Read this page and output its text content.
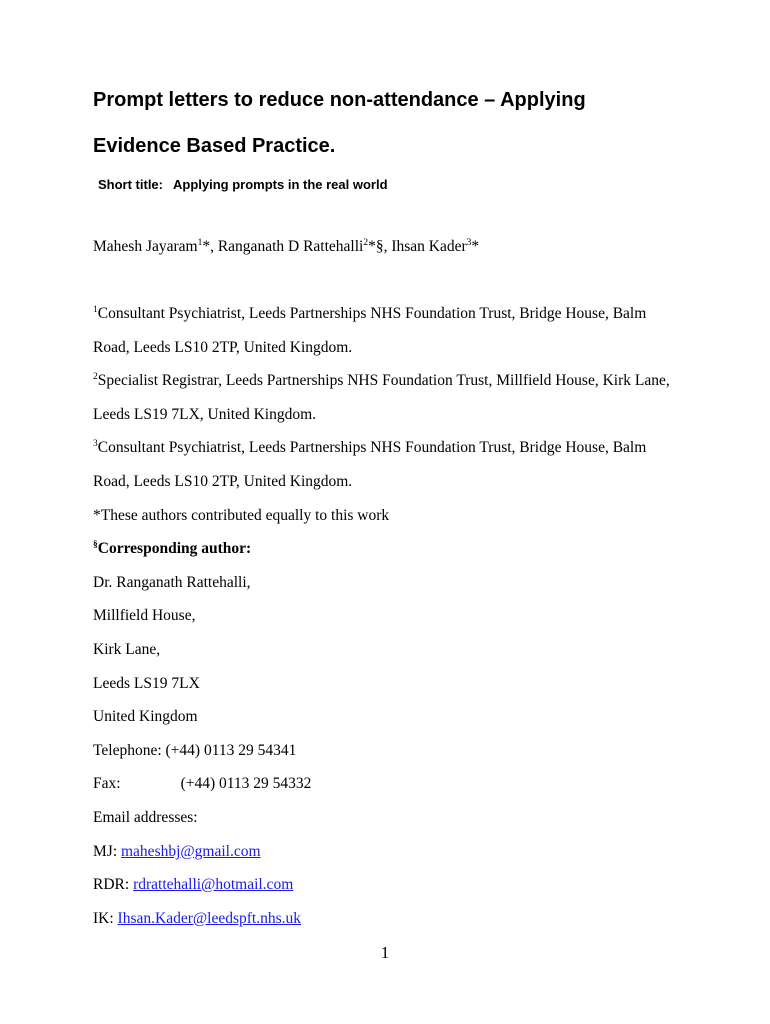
Prompt letters to reduce non-attendance – Applying
Evidence Based Practice.
Short title: Applying prompts in the real world
Mahesh Jayaram$^1$*, Ranganath D Rattehalli$^2$*§, Ihsan Kader$^3$*
$^1$Consultant Psychiatrist, Leeds Partnerships NHS Foundation Trust, Bridge House, Balm
Road, Leeds LS10 2TP, United Kingdom.
$^2$Specialist Registrar, Leeds Partnerships NHS Foundation Trust, Millfield House, Kirk Lane,
Leeds LS19 7LX, United Kingdom.
$^3$Consultant Psychiatrist, Leeds Partnerships NHS Foundation Trust, Bridge House, Balm
Road, Leeds LS10 2TP, United Kingdom.
*These authors contributed equally to this work
§Corresponding author:
Dr. Ranganath Rattehalli,
Millfield House,
Kirk Lane,
Leeds LS19 7LX
United Kingdom
Telephone: (+44) 0113 29 54341
Fax:	(+44) 0113 29 54332
Email addresses:
MJ: maheshbj@gmail.com
RDR: rdrattehalli@hotmail.com
IK: Ihsan.Kader@leedspft.nhs.uk
1
